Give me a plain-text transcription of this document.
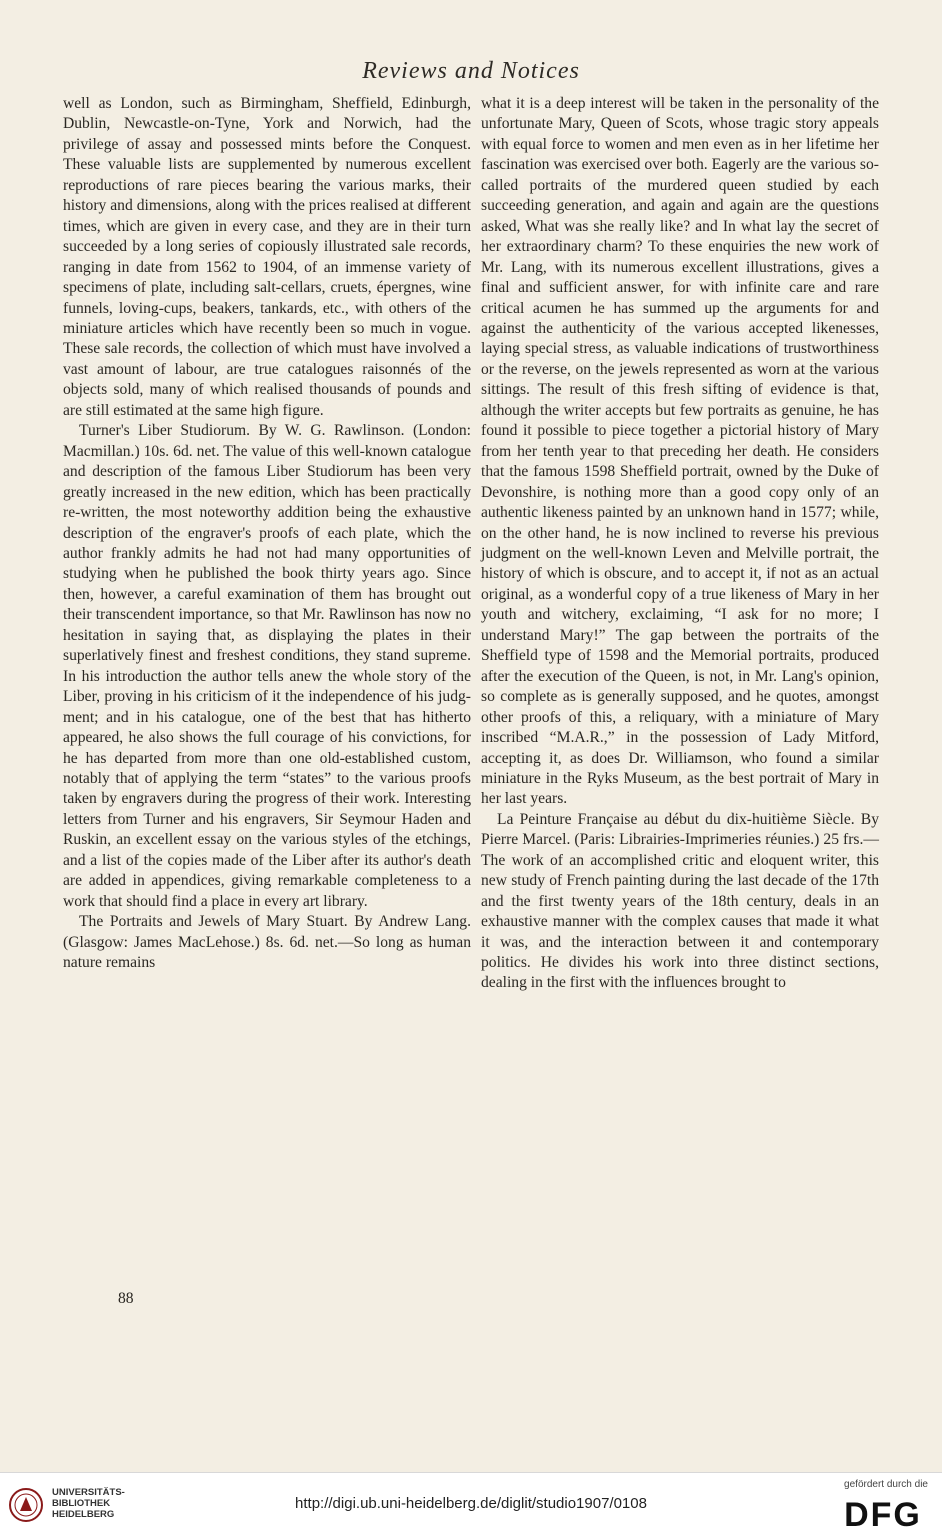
Reviews and Notices

well as London, such as Birmingham, Sheffield, Edinburgh, Dublin, Newcastle-on-Tyne, York and Norwich, had the privilege of assay and possessed mints before the Conquest. These valuable lists are supplemented by numerous excellent reproductions of rare pieces bearing the various marks, their history and dimensions, along with the prices realised at different times, which are given in every case, and they are in their turn succeeded by a long series of copiously illustrated sale records, ranging in date from 1562 to 1904, of an immense variety of specimens of plate, including salt-cellars, cruets, épergnes, wine funnels, loving-cups, beakers, tankards, etc., with others of the miniature articles which have recently been so much in vogue. These sale records, the collection of which must have involved a vast amount of labour, are true catalogues raisonnés of the objects sold, many of which realised thousands of pounds and are still estimated at the same high figure.

Turner's Liber Studiorum. By W. G. Rawlinson. (London: Macmillan.) 10s. 6d. net. The value of this well-known catalogue and description of the famous Liber Studiorum has been very greatly increased in the new edition, which has been practically re-written, the most noteworthy addition being the exhaustive description of the engraver's proofs of each plate, which the author frankly admits he had not had many opportunities of studying when he published the book thirty years ago. Since then, however, a careful examination of them has brought out their transcendent importance, so that Mr. Rawlinson has now no hesitation in saying that, as displaying the plates in their superlatively finest and freshest conditions, they stand supreme. In his introduction the author tells anew the whole story of the Liber, proving in his criticism of it the independence of his judgment; and in his catalogue, one of the best that has hitherto appeared, he also shows the full courage of his convictions, for he has departed from more than one old-established custom, notably that of applying the term “states” to the various proofs taken by engravers during the progress of their work. Interesting letters from Turner and his engravers, Sir Seymour Haden and Ruskin, an excellent essay on the various styles of the etchings, and a list of the copies made of the Liber after its author's death are added in appendices, giving remarkable completeness to a work that should find a place in every art library.

The Portraits and Jewels of Mary Stuart. By Andrew Lang. (Glasgow: James MacLehose.) 8s. 6d. net.—So long as human nature remains

what it is a deep interest will be taken in the personality of the unfortunate Mary, Queen of Scots, whose tragic story appeals with equal force to women and men even as in her lifetime her fascination was exercised over both. Eagerly are the various so-called portraits of the murdered queen studied by each succeeding generation, and again and again are the questions asked, What was she really like? and In what lay the secret of her extraordinary charm? To these enquiries the new work of Mr. Lang, with its numerous excellent illustrations, gives a final and sufficient answer, for with infinite care and rare critical acumen he has summed up the arguments for and against the authenticity of the various accepted likenesses, laying special stress, as valuable indications of trustworthiness or the reverse, on the jewels represented as worn at the various sittings. The result of this fresh sifting of evidence is that, although the writer accepts but few portraits as genuine, he has found it possible to piece together a pictorial history of Mary from her tenth year to that preceding her death. He considers that the famous 1598 Sheffield portrait, owned by the Duke of Devonshire, is nothing more than a good copy only of an authentic likeness painted by an unknown hand in 1577; while, on the other hand, he is now inclined to reverse his previous judgment on the well-known Leven and Melville portrait, the history of which is obscure, and to accept it, if not as an actual original, as a wonderful copy of a true likeness of Mary in her youth and witchery, exclaiming, “I ask for no more; I understand Mary!” The gap between the portraits of the Sheffield type of 1598 and the Memorial portraits, produced after the execution of the Queen, is not, in Mr. Lang's opinion, so complete as is generally supposed, and he quotes, amongst other proofs of this, a reliquary, with a miniature of Mary inscribed “M.A.R.,” in the possession of Lady Mitford, accepting it, as does Dr. Williamson, who found a similar miniature in the Ryks Museum, as the best portrait of Mary in her last years.

La Peinture Française au début du dix-huitième Siècle. By Pierre Marcel. (Paris: Librairies-Imprimeries réunies.) 25 frs.—The work of an accomplished critic and eloquent writer, this new study of French painting during the last decade of the 17th and the first twenty years of the 18th century, deals in an exhaustive manner with the complex causes that made it what it was, and the interaction between it and contemporary politics. He divides his work into three distinct sections, dealing in the first with the influences brought to

88
UNIVERSITÄTS-
BIBLIOTHEK
HEIDELBERG
http://digi.ub.uni-heidelberg.de/diglit/studio1907/0108
gefördert durch die
DFG
